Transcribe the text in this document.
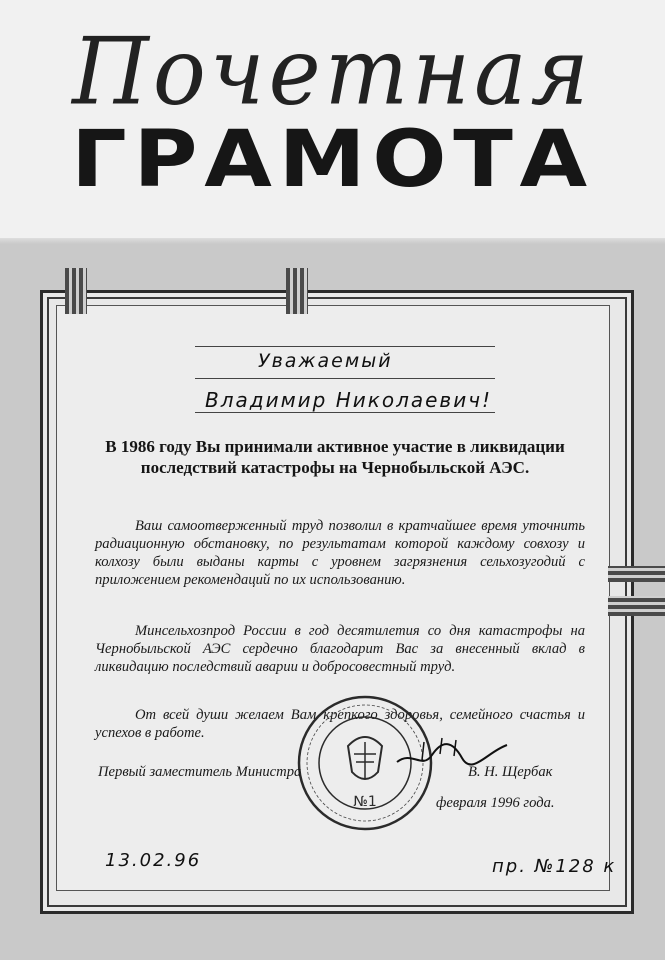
Почетная
ГРАМОТА
Уважаемый
Владимир Николаевич!
В 1986 году Вы принимали активное участие в ликвидации последствий катастрофы на Чернобыльской АЭС.
Ваш самоотверженный труд позволил в кратчайшее время уточнить радиационную обстановку, по результатам которой каждому совхозу и колхозу были выданы карты с уровнем загрязнения сельхозугодий с приложением рекомендаций по их использованию.
Минсельхозпрод России в год десятилетия со дня катастрофы на Чернобыльской АЭС сердечно благодарит Вас за внесенный вклад в ликвидацию последствий аварии и добросовестный труд.
От всей души желаем Вам крепкого здоровья, семейного счастья и успехов в работе.
№1
Первый заместитель Министра	В. Н. Щербак
февраля 1996 года.
13.02.96	пр. №128 к
